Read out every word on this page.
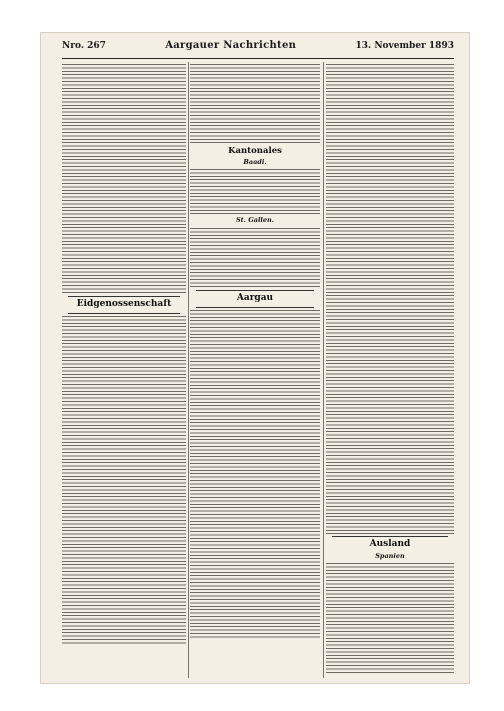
Nro. 267	Aargauer Nachrichten	13. November 1893
Eidgenossenschaft
Kantonales
Baadi.
St. Gallen.
Aargau
Ausland
Spanien
